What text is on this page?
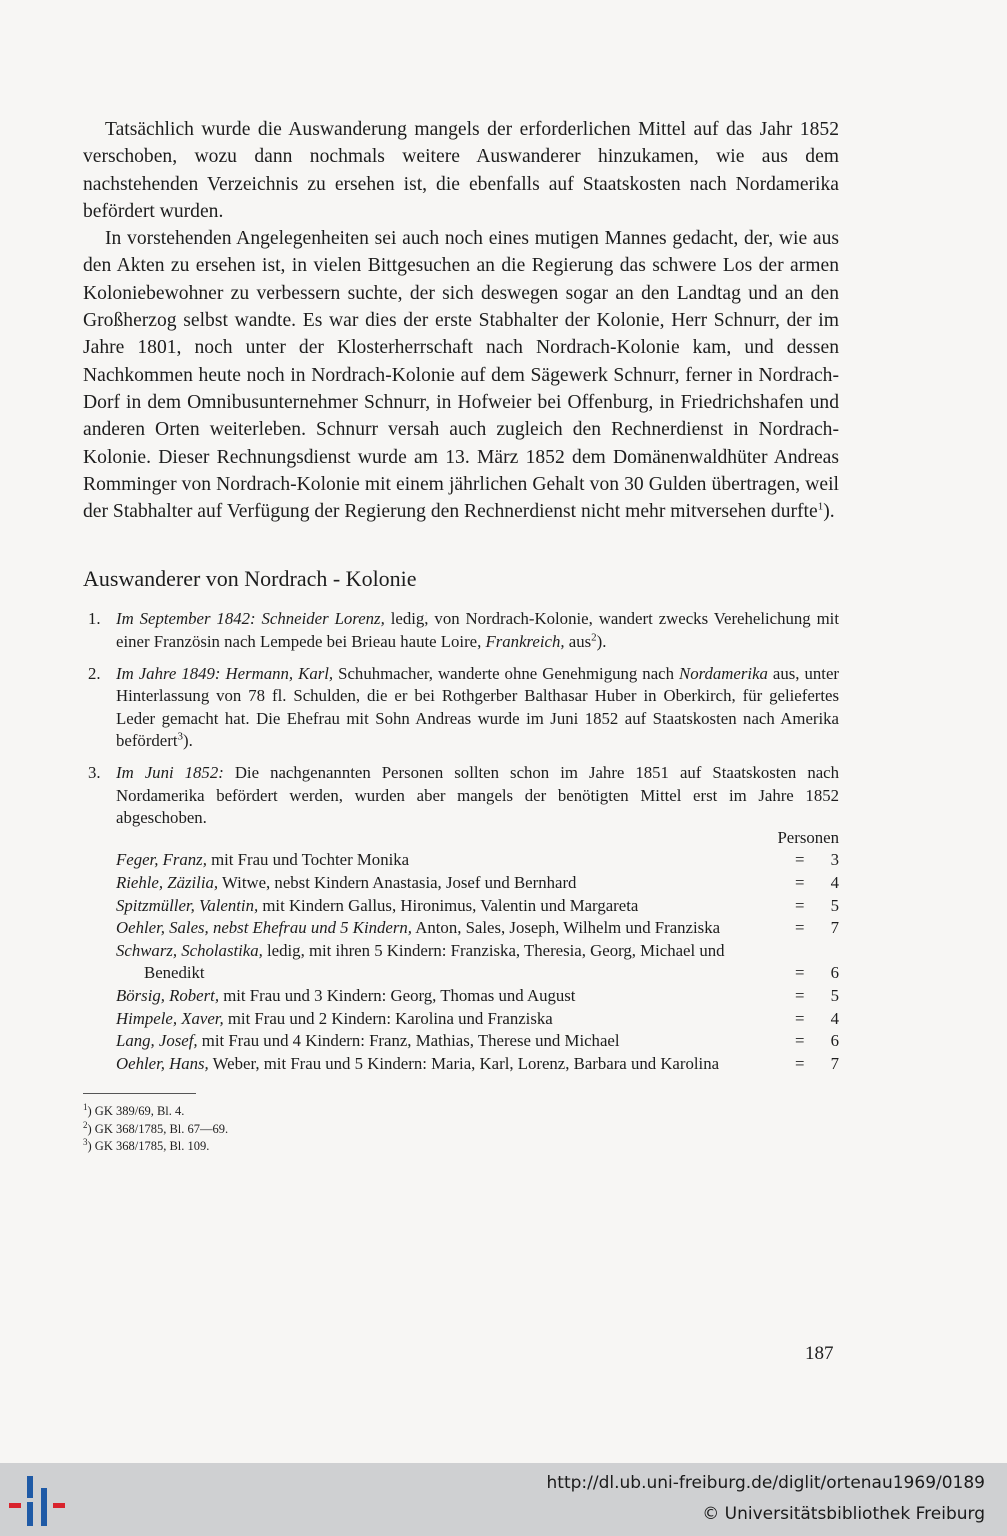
Tatsächlich wurde die Auswanderung mangels der erforderlichen Mittel auf das Jahr 1852 verschoben, wozu dann nochmals weitere Auswanderer hinzukamen, wie aus dem nachstehenden Verzeichnis zu ersehen ist, die ebenfalls auf Staatskosten nach Nordamerika befördert wurden.

In vorstehenden Angelegenheiten sei auch noch eines mutigen Mannes gedacht, der, wie aus den Akten zu ersehen ist, in vielen Bittgesuchen an die Regierung das schwere Los der armen Koloniebewohner zu verbessern suchte, der sich deswegen sogar an den Landtag und an den Großherzog selbst wandte. Es war dies der erste Stabhalter der Kolonie, Herr Schnurr, der im Jahre 1801, noch unter der Klosterherrschaft nach Nordrach-Kolonie kam, und dessen Nachkommen heute noch in Nordrach-Kolonie auf dem Sägewerk Schnurr, ferner in Nordrach-Dorf in dem Omnibusunternehmer Schnurr, in Hofweier bei Offenburg, in Friedrichshafen und anderen Orten weiterleben. Schnurr versah auch zugleich den Rechnerdienst in Nordrach-Kolonie. Dieser Rechnungsdienst wurde am 13. März 1852 dem Domänenwaldhüter Andreas Romminger von Nordrach-Kolonie mit einem jährlichen Gehalt von 30 Gulden übertragen, weil der Stabhalter auf Verfügung der Regierung den Rechnerdienst nicht mehr mitversehen durfte$^1$).

Auswanderer von Nordrach - Kolonie
1. Im September 1842: Schneider Lorenz, ledig, von Nordrach-Kolonie, wandert zwecks Verehelichung mit einer Französin nach Lempede bei Brieau haute Loire, Frankreich, aus$^2$).
2. Im Jahre 1849: Hermann, Karl, Schuhmacher, wanderte ohne Genehmigung nach Nordamerika aus, unter Hinterlassung von 78 fl. Schulden, die er bei Rothgerber Balthasar Huber in Oberkirch, für geliefertes Leder gemacht hat. Die Ehefrau mit Sohn Andreas wurde im Juni 1852 auf Staatskosten nach Amerika befördert$^3$).
3. Im Juni 1852: Die nachgenannten Personen sollten schon im Jahre 1851 auf Staatskosten nach Nordamerika befördert werden, wurden aber mangels der benötigten Mittel erst im Jahre 1852 abgeschoben.
Personen
Feger, Franz, mit Frau und Tochter Monika	= 3
Riehle, Zäzilia, Witwe, nebst Kindern Anastasia, Josef und Bernhard	= 4
Spitzmüller, Valentin, mit Kindern Gallus, Hironimus, Valentin und Margareta	= 5
Oehler, Sales, nebst Ehefrau und 5 Kindern, Anton, Sales, Joseph, Wilhelm und Franziska	= 7
Schwarz, Scholastika, ledig, mit ihren 5 Kindern: Franziska, Theresia, Georg, Michael und Benedikt	= 6
Börsig, Robert, mit Frau und 3 Kindern: Georg, Thomas und August	= 5
Himpele, Xaver, mit Frau und 2 Kindern: Karolina und Franziska	= 4
Lang, Josef, mit Frau und 4 Kindern: Franz, Mathias, Therese und Michael	= 6
Oehler, Hans, Weber, mit Frau und 5 Kindern: Maria, Karl, Lorenz, Barbara und Karolina	= 7
$^1$) GK 389/69, Bl. 4.
$^2$) GK 368/1785, Bl. 67—69.
$^3$) GK 368/1785, Bl. 109.
187
http://dl.ub.uni-freiburg.de/diglit/ortenau1969/0189
© Universitätsbibliothek Freiburg
